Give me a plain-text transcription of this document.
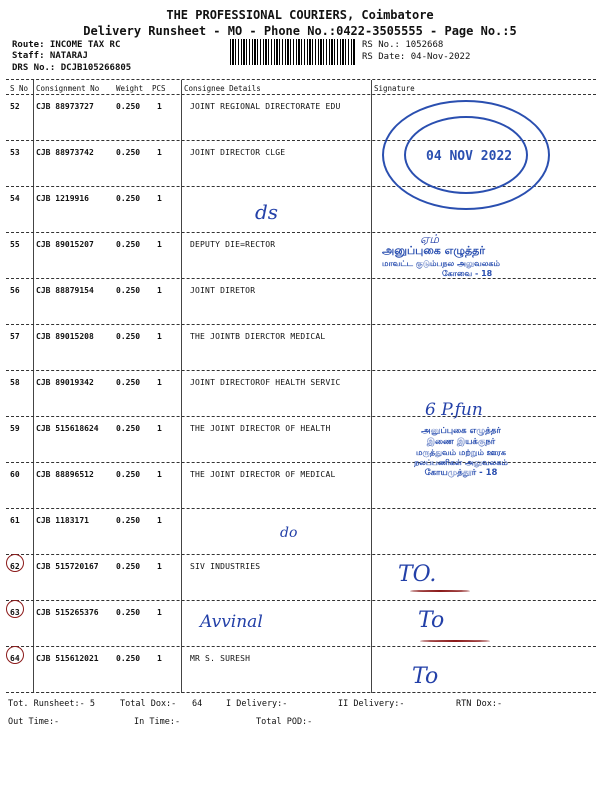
THE PROFESSIONAL COURIERS, Coimbatore
Delivery Runsheet - MO - Phone No.:0422-3505555 - Page No.:5
Route: INCOME TAX RC
Staff: NATARAJ
DRS No.: DCJB105266805
RS No.: 1052668
RS Date: 04-Nov-2022
S No Consignment No Weight PCS Consignee Details	Signature
52 CJB 88973727	0.250 1	JOINT REGIONAL DIRECTORATE EDU
53 CJB 88973742	0.250 1	JOINT DIRECTOR CLGE
54 CJB 1219916	0.250 1
55 CJB 89015207	0.250 1	DEPUTY DIE=RECTOR
56 CJB 88879154	0.250 1	JOINT DIRETOR
57 CJB 89015208	0.250 1	THE JOINTB DIERCTOR MEDICAL
58 CJB 89019342	0.250 1	JOINT DIRECTOROF HEALTH SERVIC
59 CJB 515618624 0.250 1	THE JOINT DIRECTOR OF HEALTH
60 CJB 88896512	0.250 1	THE JOINT DIRECTOR OF MEDICAL
61 CJB 1183171	0.250 1
62 CJB 515720167 0.250 1	SIV INDUSTRIES
63 CJB 515265376 0.250 1
64 CJB 515612021 0.250 1	MR S. SURESH
ds
do
Avvinal
6 P.fun
ஏம்
04 NOV 2022
அனுப்புகை எழுத்தர்
மாவட்ட குடும்பநல அலுவலகம்
கோவை - 18
அனுப்புகை எழுத்தர்
இணை இயக்குநர்
மருத்துவம் மற்றும் ஊரக
நலப்பணிகள் அலுவலகம்
கோயமுத்தூர் - 18
TO.
To
To
Tot. Runsheet:- 5	Total Dox:- 64	I Delivery:-	II Delivery:-	RTN Dox:-
Out Time:-	In Time:-	Total POD:-
